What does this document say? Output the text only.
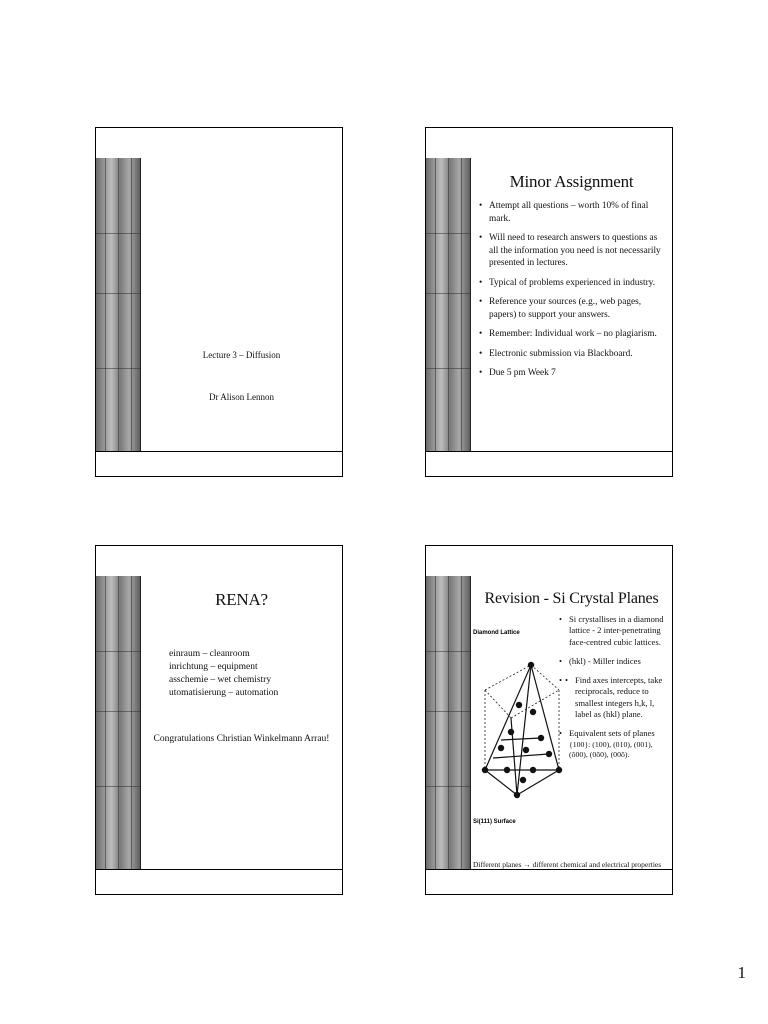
Lecture 3 – Diffusion
Dr Alison Lennon
Minor Assignment
• Attempt all questions – worth 10% of final mark.
• Will need to research answers to questions as all the information you need is not necessarily presented in lectures.
• Typical of problems experienced in industry.
• Reference your sources (e.g., web pages, papers) to support your answers.
• Remember: Individual work – no plagiarism.
• Electronic submission via Blackboard.
• Due 5 pm Week 7
RENA?
einraum – cleanroom
inrichtung – equipment
asschemie – wet chemistry
utomatisierung – automation
Congratulations Christian Winkelmann Arrau!
Revision - Si Crystal Planes
Diamond Lattice
Si(111) Surface
• Si crystallises in a diamond lattice - 2 inter-penetrating face-centred cubic lattices.
• (hkl) - Miller indices
• • Find axes intercepts, take reciprocals, reduce to smallest integers h,k, l, label as (hkl) plane.
• Equivalent sets of planes
{100}: (100), (010), (001), (ō00), (0ō0), (00ō).
Different planes → different chemical and electrical properties
1
